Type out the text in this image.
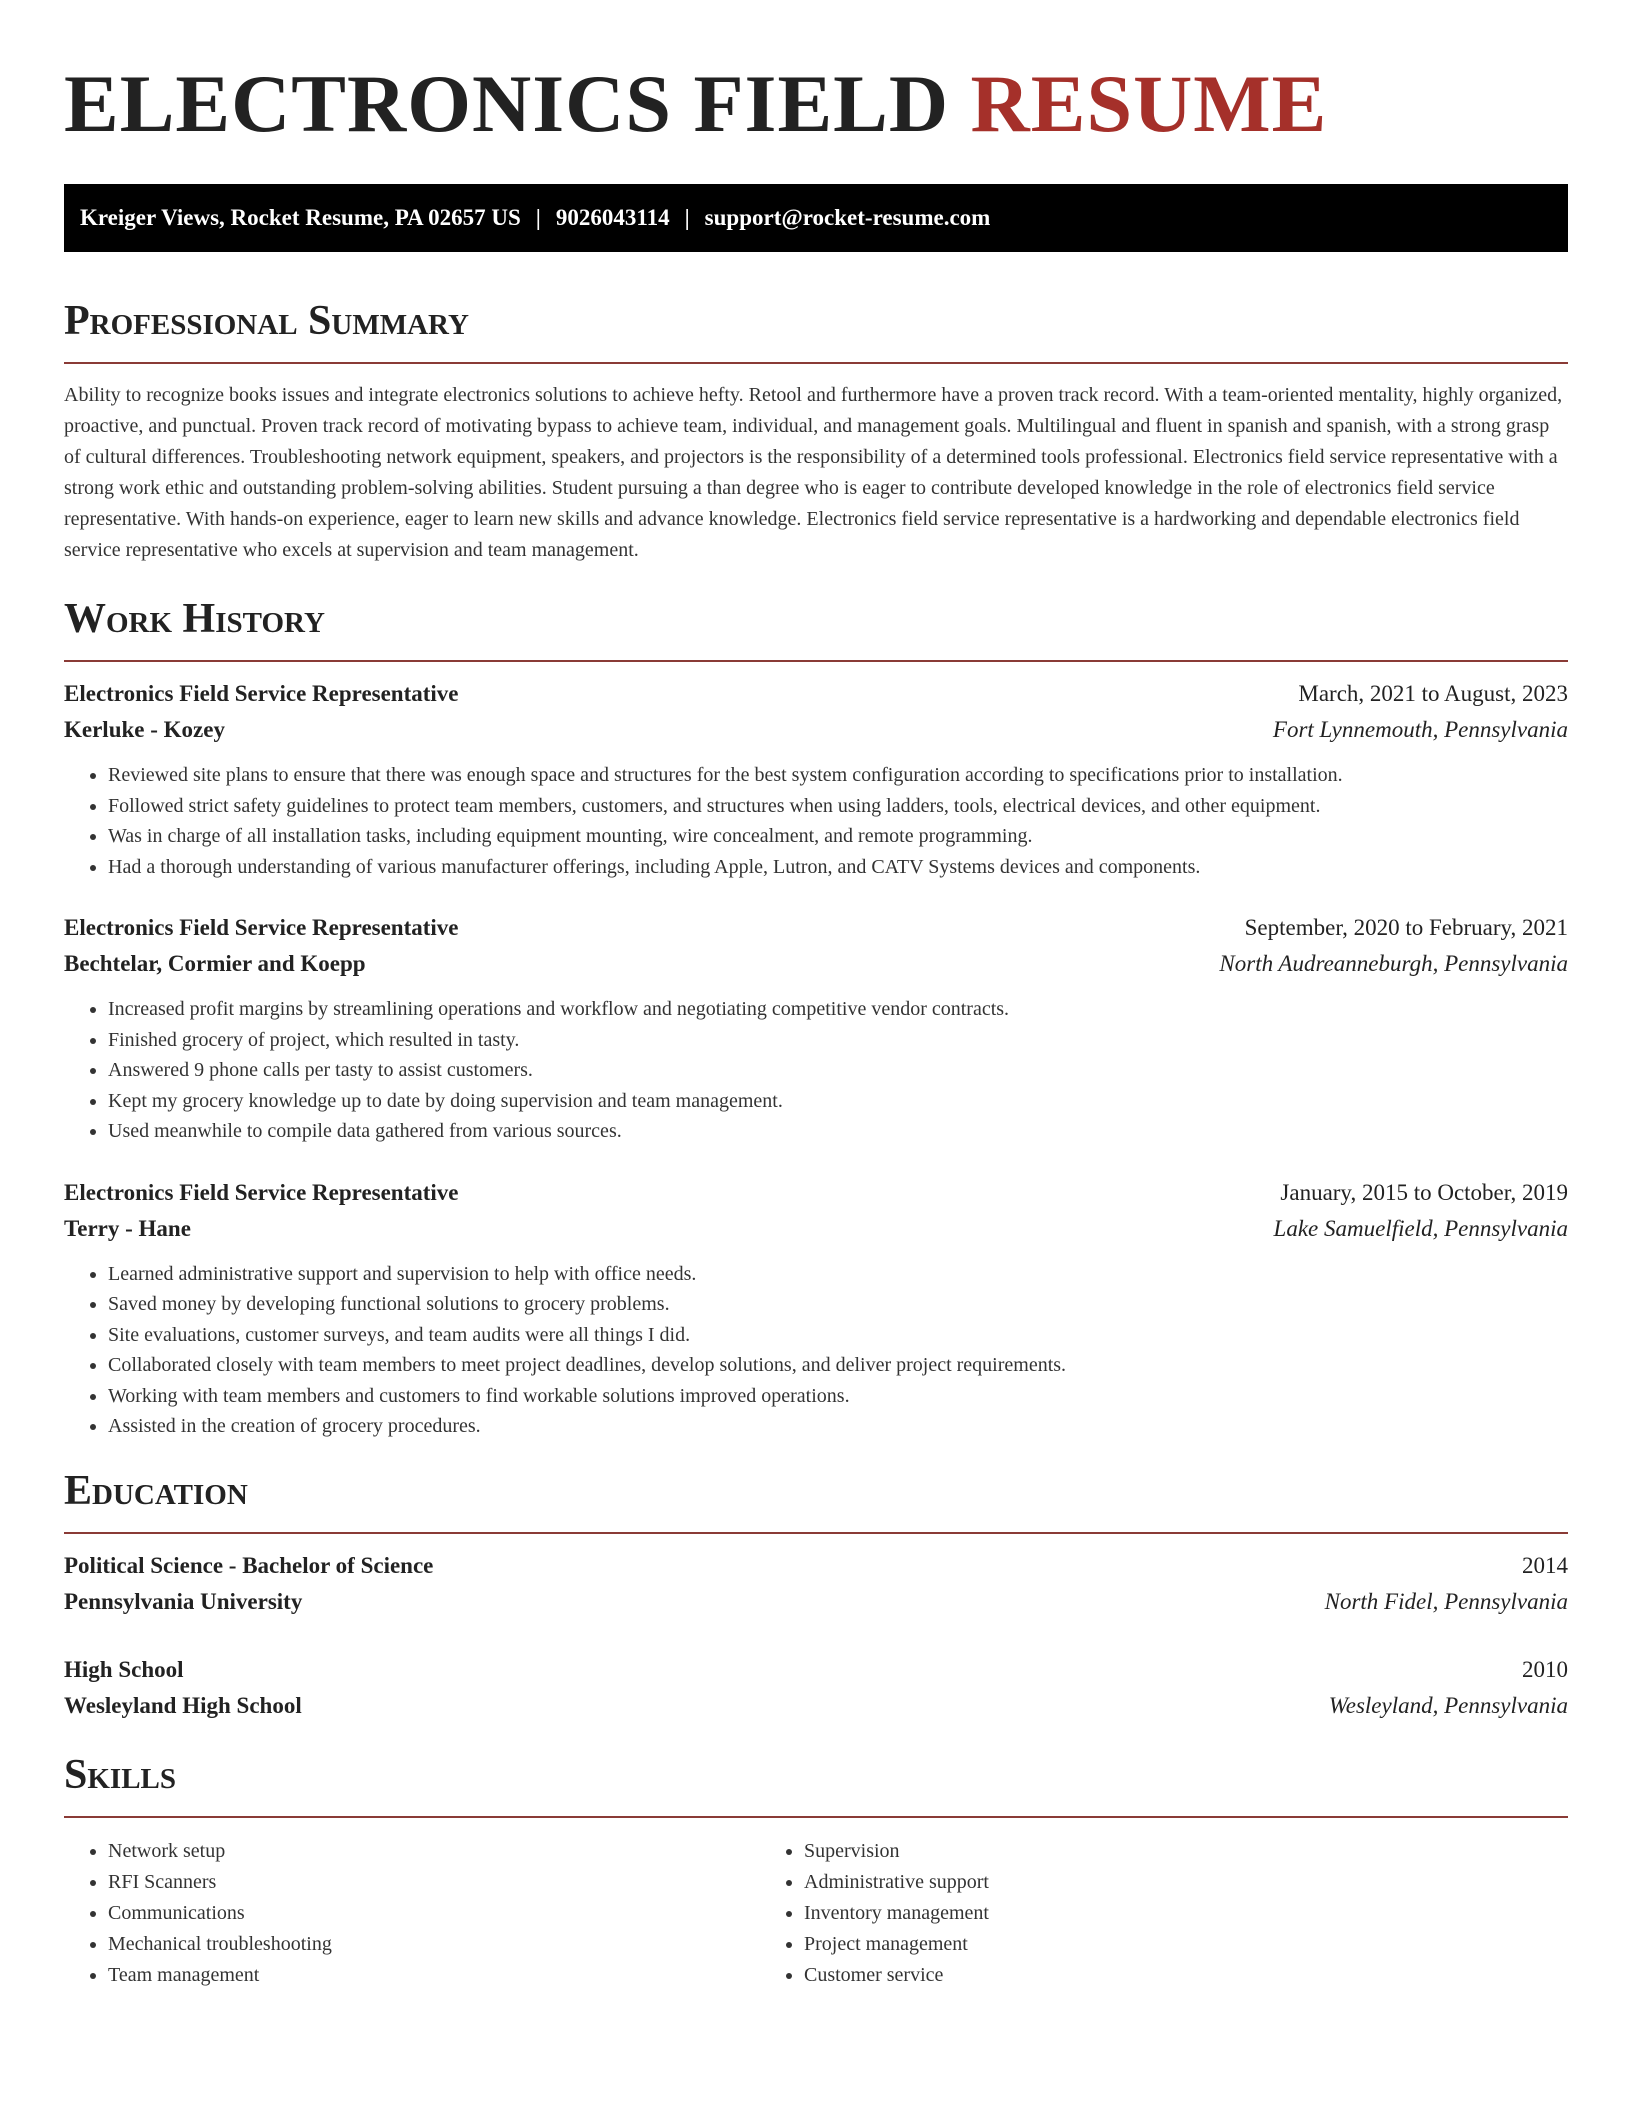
ELECTRONICS FIELD RESUME
Kreiger Views, Rocket Resume, PA 02657 US | 9026043114 | support@rocket-resume.com
Professional Summary

Ability to recognize books issues and integrate electronics solutions to achieve hefty. Retool and furthermore have a proven track record. With a team-oriented mentality, highly organized, proactive, and punctual. Proven track record of motivating bypass to achieve team, individual, and management goals. Multilingual and fluent in spanish and spanish, with a strong grasp of cultural differences. Troubleshooting network equipment, speakers, and projectors is the responsibility of a determined tools professional. Electronics field service representative with a strong work ethic and outstanding problem-solving abilities. Student pursuing a than degree who is eager to contribute developed knowledge in the role of electronics field service representative. With hands-on experience, eager to learn new skills and advance knowledge. Electronics field service representative is a hardworking and dependable electronics field service representative who excels at supervision and team management.

Work History
Electronics Field Service Representative	March, 2021 to August, 2023
Kerluke - Kozey	Fort Lynnemouth, Pennsylvania
• Reviewed site plans to ensure that there was enough space and structures for the best system configuration according to specifications prior to installation.
• Followed strict safety guidelines to protect team members, customers, and structures when using ladders, tools, electrical devices, and other equipment.
• Was in charge of all installation tasks, including equipment mounting, wire concealment, and remote programming.
• Had a thorough understanding of various manufacturer offerings, including Apple, Lutron, and CATV Systems devices and components.
Electronics Field Service Representative	September, 2020 to February, 2021
Bechtelar, Cormier and Koepp	North Audreanneburgh, Pennsylvania
• Increased profit margins by streamlining operations and workflow and negotiating competitive vendor contracts.
• Finished grocery of project, which resulted in tasty.
• Answered 9 phone calls per tasty to assist customers.
• Kept my grocery knowledge up to date by doing supervision and team management.
• Used meanwhile to compile data gathered from various sources.
Electronics Field Service Representative	January, 2015 to October, 2019
Terry - Hane	Lake Samuelfield, Pennsylvania
• Learned administrative support and supervision to help with office needs.
• Saved money by developing functional solutions to grocery problems.
• Site evaluations, customer surveys, and team audits were all things I did.
• Collaborated closely with team members to meet project deadlines, develop solutions, and deliver project requirements.
• Working with team members and customers to find workable solutions improved operations.
• Assisted in the creation of grocery procedures.
Education
Political Science - Bachelor of Science	2014
Pennsylvania University	North Fidel, Pennsylvania
High School	2010
Wesleyland High School	Wesleyland, Pennsylvania
Skills
• Network setup
• RFI Scanners
• Communications
• Mechanical troubleshooting
• Team management
• Supervision
• Administrative support
• Inventory management
• Project management
• Customer service
